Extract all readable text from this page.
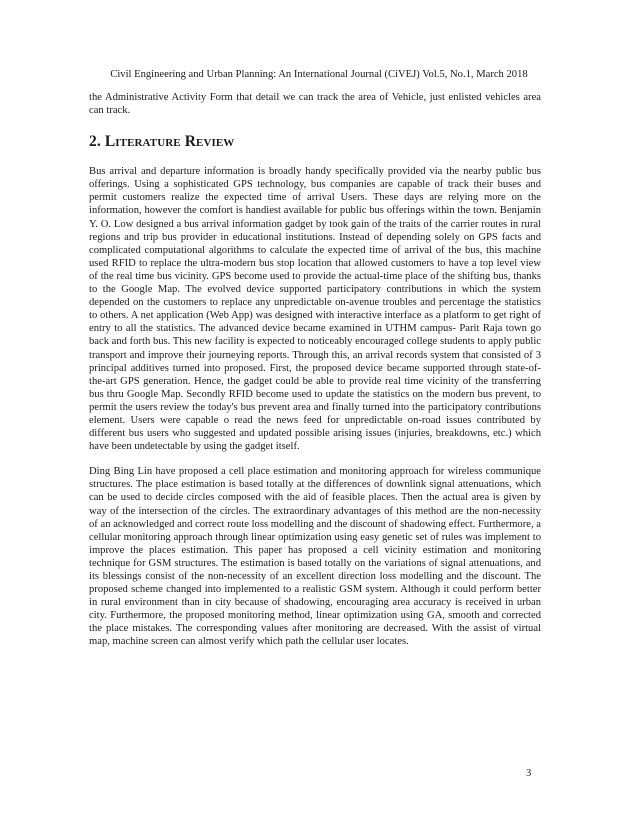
Civil Engineering and Urban Planning: An International Journal (CiVEJ) Vol.5, No.1, March 2018

the Administrative Activity Form that detail we can track the area of Vehicle, just enlisted vehicles area can track.

2. Literature Review

Bus arrival and departure information is broadly handy specifically provided via the nearby public bus offerings. Using a sophisticated GPS technology, bus companies are capable of track their buses and permit customers realize the expected time of arrival Users. These days are relying more on the information, however the comfort is handiest available for public bus offerings within the town. Benjamin Y. O. Low designed a bus arrival information gadget by took gain of the traits of the carrier routes in rural regions and trip bus provider in educational institutions. Instead of depending solely on GPS facts and complicated computational algorithms to calculate the expected time of arrival of the bus, this machine used RFID to replace the ultra-modern bus stop location that allowed customers to have a top level view of the real time bus vicinity. GPS become used to provide the actual-time place of the shifting bus, thanks to the Google Map. The evolved device supported participatory contributions in which the system depended on the customers to replace any unpredictable on-avenue troubles and percentage the statistics to others. A net application (Web App) was designed with interactive interface as a platform to get right of entry to all the statistics. The advanced device became examined in UTHM campus- Parit Raja town go back and forth bus. This new facility is expected to noticeably encouraged college students to apply public transport and improve their journeying reports. Through this, an arrival records system that consisted of 3 principal additives turned into proposed. First, the proposed device became supported through state-of-the-art GPS generation. Hence, the gadget could be able to provide real time vicinity of the transferring bus thru Google Map. Secondly RFID become used to update the statistics on the modern bus prevent, to permit the users review the today's bus prevent area and finally turned into the participatory contributions element. Users were capable o read the news feed for unpredictable on-road issues contributed by different bus users who suggested and updated possible arising issues (injuries, breakdowns, etc.) which have been undetectable by using the gadget itself.

Ding Bing Lin have proposed a cell place estimation and monitoring approach for wireless communique structures. The place estimation is based totally at the differences of downlink signal attenuations, which can be used to decide circles composed with the aid of feasible places. Then the actual area is given by way of the intersection of the circles. The extraordinary advantages of this method are the non-necessity of an acknowledged and correct route loss modelling and the discount of shadowing effect. Furthermore, a cellular monitoring approach through linear optimization using easy genetic set of rules was implement to improve the places estimation. This paper has proposed a cell vicinity estimation and monitoring technique for GSM structures. The estimation is based totally on the variations of signal attenuations, and its blessings consist of the non-necessity of an excellent direction loss modelling and the discount. The proposed scheme changed into implemented to a realistic GSM system. Although it could perform better in rural environment than in city because of shadowing, encouraging area accuracy is received in urban city. Furthermore, the proposed monitoring method, linear optimization using GA, smooth and corrected the place mistakes. The corresponding values after monitoring are decreased. With the assist of virtual map, machine screen can almost verify which path the cellular user locates.

3
